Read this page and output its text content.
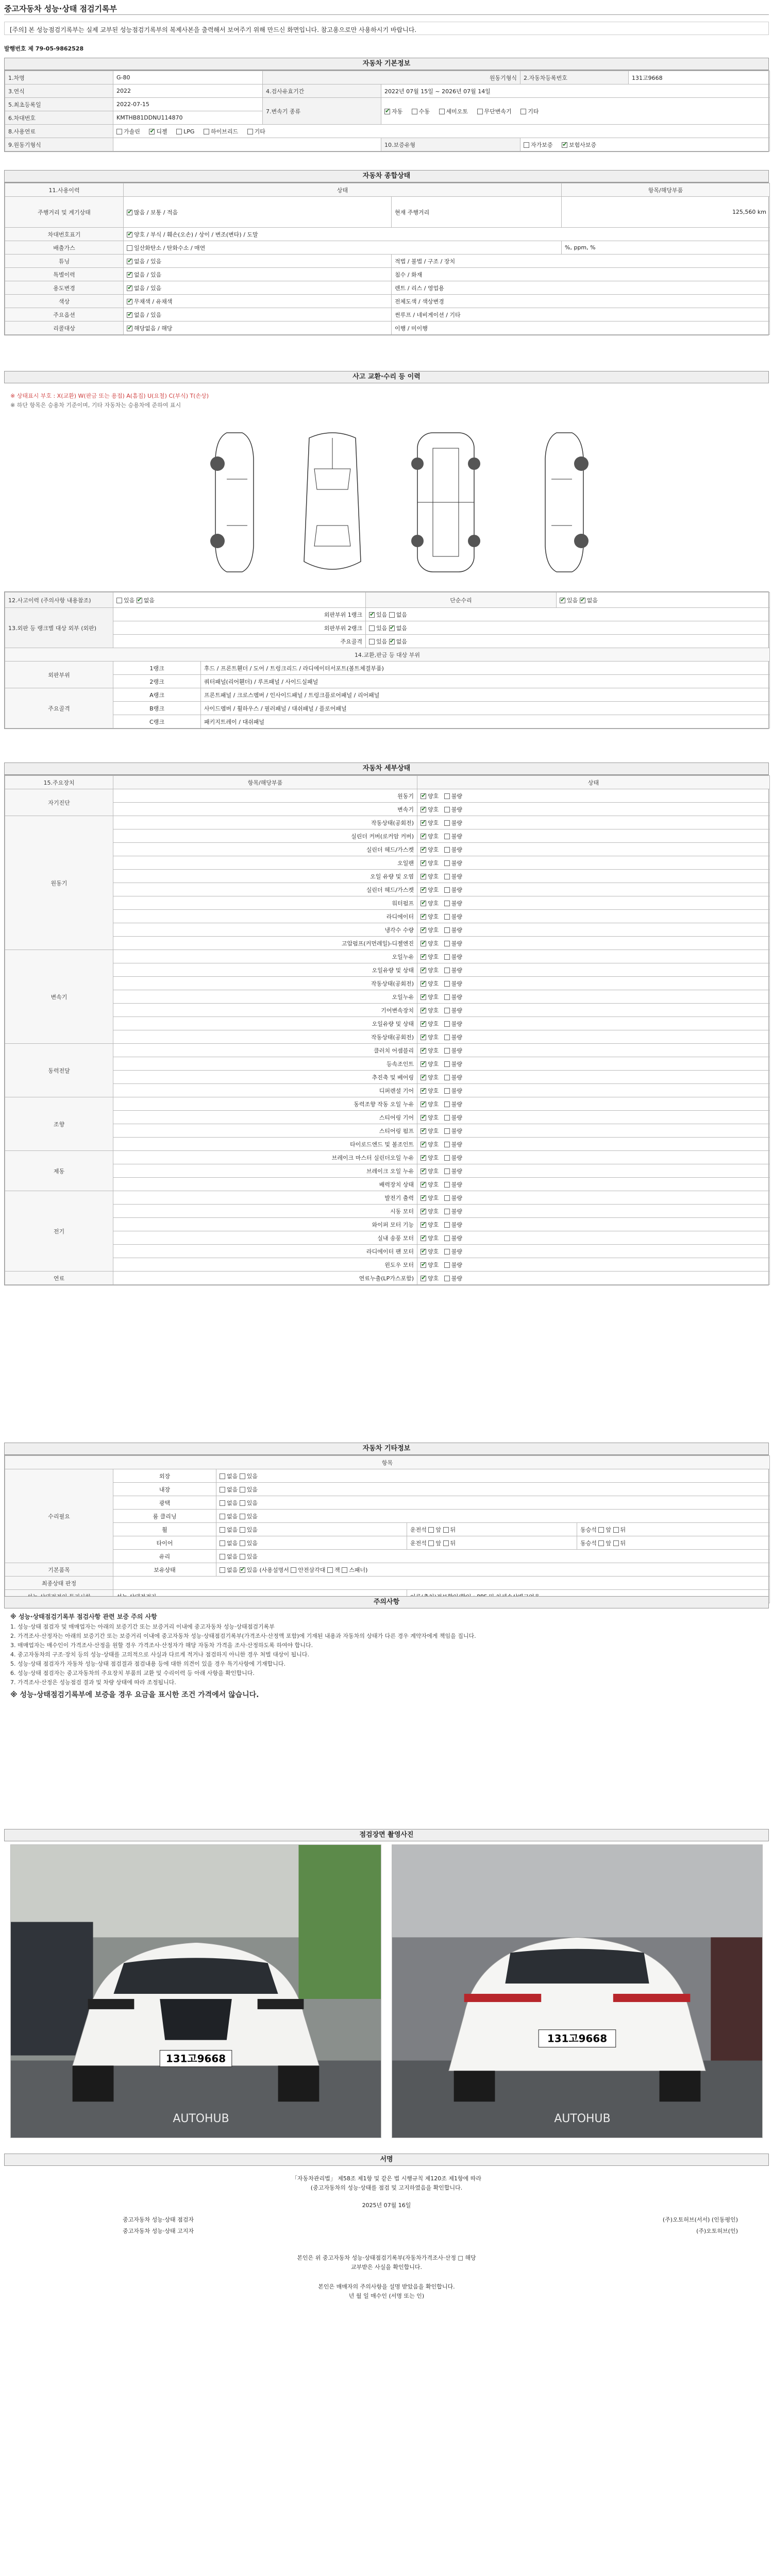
중고자동차 성능·상태 점검기록부
[주의] 본 성능점검기록부는 실제 교부된 성능점검기록부의 복제사본을 출력해서 보여주기 위해 만드신 화면입니다. 참고용으로만 사용하시기 바랍니다.
발행번호 제 79-05-9862528
자동차 기본정보
1.차명	G-80	원동기형식		2.자동차등록번호	131고9668
3.연식	2022	4.검사유효기간	2022년 07월 15일 ~ 2026년 07월 14일		
5.최초등록일	2022-07-15	7.변속기 종류	✔자동 수동 세미오토 무단변속기 기타
6.차대번호	KMTHB81DDNU114870				
8.사용연료	가솔린 ✔ 디젤 LPG 하이브리드 기타
9.원동기형식			10.보증유형	자가보증 ✔ 보험사보증
자동차 종합상태
11.사용이력	상태		항목/해당부품
주행거리 및 계기상태	✔많음 / 보통 / 적음	현재 주행거리	125,560 km
차대번호표기	✔양호 / 부식 / 훼손(오손) / 상이 / 변조(변타) / 도말
배출가스	일산화탄소 / 탄화수소 / 매연		%, ppm, %
튜닝	✔없음 / 있음	적법 / 불법 / 구조 / 장치	
특별이력	✔없음 / 있음	침수 / 화재	
용도변경	✔없음 / 있음	렌트 / 리스 / 영업용	
색상	✔무채색 / 유채색	전체도색 / 색상변경	
주요옵션	✔없음 / 있음	썬루프 / 네비게이션 / 기타	
리콜대상	✔해당없음 / 해당	이행 / 미이행	
사고 교환·수리 등 이력
※ 상태표시 부호 : X(교환) W(판금 또는 용접) A(흠집) U(요철) C(부식) T(손상)
※ 하단 항목은 승용차 기준이며, 기타 자동차는 승용차에 준하여 표시
12.사고이력 (주의사항 내용참조)	있음 ✔없음		단순수리	✔있음 ✔없음
13.외판 등 랭크별 대상 외부 (외판)	외판부위 1랭크	✔있음 없음
	외판부위 2랭크		있음 ✔없음
	주요골격		있음 ✔없음
14.교환,판금 등 대상 부위				
외판부위	1랭크	후드 / 프론트휀더 / 도어 / 트렁크리드 / 라디에이터서포트(볼트체결부품)		
	2랭크	쿼터패널(리어휀더) / 루프패널 / 사이드실패널		
주요골격	A랭크	프론트패널 / 크로스멤버 / 인사이드패널 / 트렁크플로어패널 / 리어패널		
	B랭크	사이드멤버 / 휠하우스 / 필러패널 / 대쉬패널 / 플로어패널		
	C랭크	패키지트레이 / 대쉬패널		
자동차 세부상태
15.주요장치	항목/해당부품	상태
자기진단	원동기	✔양호   불량
	변속기	✔양호   불량
원동기	작동상태(공회전)	✔양호   불량
	실린더 커버(로커암 커버)	✔양호   불량
	실린더 헤드/가스켓	✔양호   불량
	오일팬	✔양호   불량
	오일 유량 및 오염	✔양호   불량
	실린더 헤드/가스켓	✔양호   불량
	워터펌프	✔양호   불량
	라디에이터	✔양호   불량
	냉각수 수량	✔양호   불량
	고압펌프(커먼레일)-디젤엔진	✔양호   불량
변속기	오일누유	✔양호   불량
	오일유량 및 상태	✔양호   불량
	작동상태(공회전)	✔양호   불량
	오일누유	✔양호   불량
	기어변속장치	✔양호   불량
	오일유량 및 상태	✔양호   불량
	작동상태(공회전)	✔양호   불량
동력전달	클러치 어셈블리	✔양호   불량
	등속조인트	✔양호   불량
	추진축 및 베어링	✔양호   불량
	디퍼렌셜 기어	✔양호   불량
조향	동력조향 작동 오일 누유	✔양호   불량
	스티어링 기어	✔양호   불량
	스티어링 펌프	✔양호   불량
	타이로드엔드 및 볼조인트	✔양호   불량
제동	브레이크 마스터 실린더오일 누유	✔양호   불량
	브레이크 오일 누유	✔양호   불량
	배력장치 상태	✔양호   불량
전기	발전기 출력	✔양호   불량
	시동 모터	✔양호   불량
	와이퍼 모터 기능	✔양호   불량
	실내 송풍 모터	✔양호   불량
	라디에이터 팬 모터	✔양호   불량
	윈도우 모터	✔양호   불량
연료	연료누출(LP가스포함)	✔양호   불량
자동차 기타정보
항목				
수리필요	외장	없음 있음		
	내장	없음 있음		
	광택	없음 있음		
	룸 클리닝	없음 있음		
	휠	없음 있음	운전석 앞 뒤	동승석 앞 뒤
	타이어	없음 있음	운전석 앞 뒤	동승석 앞 뒤
	유리	없음 있음		
기본품목	보유상태	없음 ✔있음 (사용설명서 안전삼각대 잭 스패너)
최종상태 판정				

주의사항
※ 성능·상태점검기록부 점검사항 관련 보증 주의 사항

1. 성능·상태 점검자 및 매매업자는 아래의 보증기간 또는 보증거리 이내에 중고자동차 성능·상태점검기록부

2. 가격조사·산정자는 아래의 보증기간 또는 보증거리 이내에 중고자동차 성능·상태점검기록부(가격조사·산정액 포함)에 기재된 내용과 자동차의 상태가 다른 경우 계약자에게 책임을 집니다.

3. 매매업자는 매수인이 가격조사·산정을 원할 경우 가격조사·산정자가 해당 자동차 가격을 조사·산정하도록 하여야 합니다.

4. 중고자동차의 구조·장치 등의 성능·상태를 고의적으로 사실과 다르게 적거나 점검하지 아니한 경우 처벌 대상이 됩니다.

5. 성능·상태 점검자가 자동차 성능·상태 점검결과 점검내용 등에 대한 의견이 있을 경우 특기사항에 기재합니다.

6. 성능·상태 점검자는 중고자동차의 주요장치 부품의 교환 및 수리이력 등 아래 사항을 확인합니다.

7. 가격조사·산정은 성능점검 결과 및 차량 상태에 따라 조정됩니다.

※ 성능·상태점검기록부에 보증을 경우 요금을 표시한 조건 가격에서 않습니다.
점검장면 촬영사진
131고9668
AUTOHUB
131고9668
AUTOHUB
서명
「자동차관리법」 제58조 제1항 및 같은 법 시행규칙 제120조 제1항에 따라
(중고자동차의 성능·상태를 점검 및 고지하였음을 확인합니다.
2025년 07월 16일
중고자동차 성능·상태 점검자	(주)오토허브(서서) (인동평인)
중고자동차 성능·상태 고지자	(주)오토허브(인)
본인은 위 중고자동차 성능·상태점검기록부(자동차가격조사·산정 □ 해당
교부받은 사실을 확인합니다.
본인은 매매자의 주의사항을 설명 받았음을 확인합니다.
년 월 일 매수인 (서명 또는 인)
